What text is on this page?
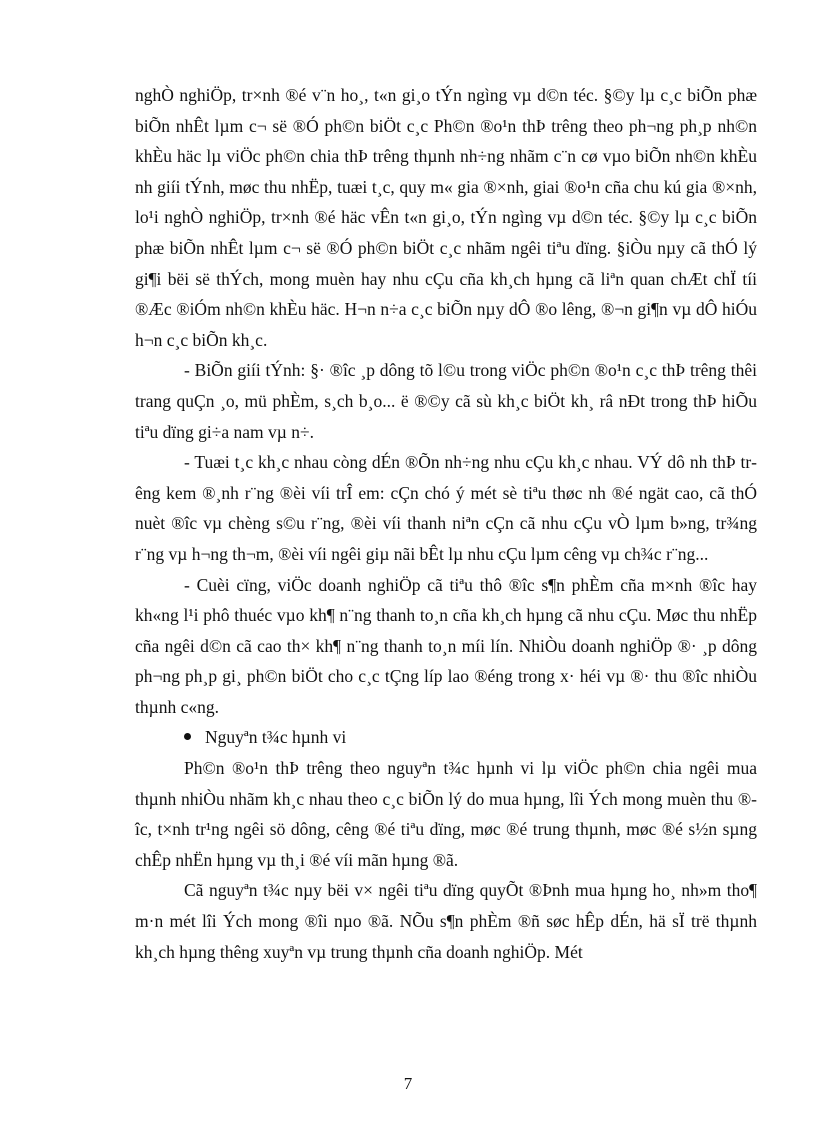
nghÒ nghiÖp, tr×nh ®é v¨n ho¸, t«n gi¸o tÝn ngìng vµ d©n téc. §©y lµ c¸c biÕn phæ biÕn nhÊt lµm c¬ së ®Ó ph©n biÖt c¸c Ph©n ®o¹n thÞ trêng theo ph¬ng ph¸p nh©n khÈu häc lµ viÖc ph©n chia thÞ trêng thµnh nh÷ng nhãm c¨n cø vµo biÕn nh©n khÈu nh giíi tÝnh, møc thu nhËp, tuæi t¸c, quy m« gia ®×nh, giai ®o¹n cña chu kú gia ®×nh, lo¹i nghÒ nghiÖp, tr×nh ®é häc vÊn t«n gi¸o, tÝn ngìng vµ d©n téc. §©y lµ c¸c biÕn phæ biÕn nhÊt lµm c¬ së ®Ó ph©n biÖt c¸c nhãm ngêi tiªu dïng. §iÒu nµy cã thÓ lý gi¶i bëi së thÝch, mong muèn hay nhu cÇu cña kh¸ch hµng cã liªn quan chÆt chÏ tíi ®Æc ®iÓm nh©n khÈu häc. H¬n n÷a c¸c biÕn nµy dÔ ®o lêng, ®¬n gi¶n vµ dÔ hiÓu h¬n c¸c biÕn kh¸c.

- BiÕn giíi tÝnh: §· ®îc ¸p dông tõ l©u trong viÖc ph©n ®o¹n c¸c thÞ trêng thêi trang quÇn ¸o, mü phÈm, s¸ch b¸o... ë ®©y cã sù kh¸c biÖt kh¸ râ nÐt trong thÞ hiÕu tiªu dïng gi÷a nam vµ n÷.

- Tuæi t¸c kh¸c nhau còng dÉn ®Õn nh÷ng nhu cÇu kh¸c nhau. VÝ dô nh thÞ trêng kem ®¸nh r¨ng ®èi víi trÎ em: cÇn chó ý mét sè tiªu thøc nh ®é ngät cao, cã thÓ nuèt ®îc vµ chèng s©u r¨ng, ®èi víi thanh niªn cÇn cã nhu cÇu vÒ lµm b»ng, tr¾ng r¨ng vµ h¬ng th¬m, ®èi víi ngêi giµ nãi bÊt lµ nhu cÇu lµm cêng vµ ch¾c r¨ng...

- Cuèi cïng, viÖc doanh nghiÖp cã tiªu thô ®îc s¶n phÈm cña m×nh ®îc hay kh«ng l¹i phô thuéc vµo kh¶ n¨ng thanh to¸n cña kh¸ch hµng cã nhu cÇu. Møc thu nhËp cña ngêi d©n cã cao th× kh¶ n¨ng thanh to¸n míi lín. NhiÒu doanh nghiÖp ®· ¸p dông ph¬ng ph¸p gi¸ ph©n biÖt cho c¸c tÇng líp lao ®éng trong x· héi vµ ®· thu ®îc nhiÒu thµnh c«ng.

Nguyªn t¾c hµnh vi

Ph©n ®o¹n thÞ trêng theo nguyªn t¾c hµnh vi lµ viÖc ph©n chia ngêi mua thµnh nhiÒu nhãm kh¸c nhau theo c¸c biÕn lý do mua hµng, lîi Ých mong muèn thu ®îc, t×nh tr¹ng ngêi sö dông, cêng ®é tiªu dïng, møc ®é trung thµnh, møc ®é s½n sµng chÊp nhËn hµng vµ th¸i ®é víi mãn hµng ®ã.

Cã nguyªn t¾c nµy bëi v× ngêi tiªu dïng quyÕt ®Þnh mua hµng ho¸ nh»m tho¶ m·n mét lîi Ých mong ®îi nµo ®ã. NÕu s¶n phÈm ®ñ søc hÊp dÉn, hä sÏ trë thµnh kh¸ch hµng thêng xuyªn vµ trung thµnh cña doanh nghiÖp. Mét

7
